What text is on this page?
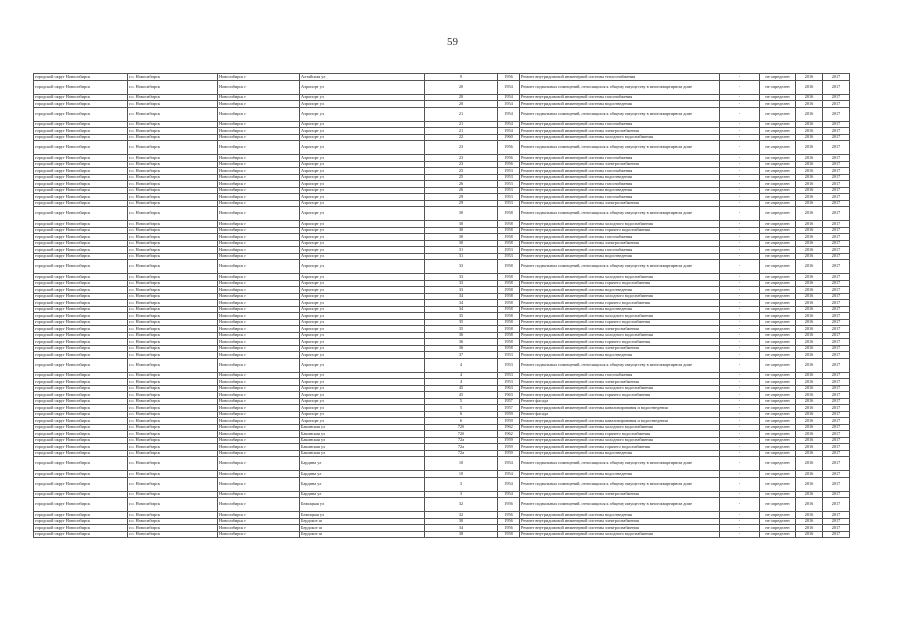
59
городской округ Новосибирск	г.о. Новосибирск	Новосибирск г	Алтайская ул	9	1956	Ремонт внутридомовой инженерной системы теплоснабжения	-	не определен	2016	2017
городской округ Новосибирск	г.о. Новосибирск	Новосибирск г	Аэропорт ул	20	1954	Ремонт подвальных помещений, относящихся к общему имуществу в многоквартирном доме	-	не определен	2016	2017
городской округ Новосибирск	г.о. Новосибирск	Новосибирск г	Аэропорт ул	20	1954	Ремонт внутридомовой инженерной системы газоснабжения	-	не определен	2016	2017
городской округ Новосибирск	г.о. Новосибирск	Новосибирск г	Аэропорт ул	20	1954	Ремонт внутридомовой инженерной системы водоотведения	-	не определен	2016	2017
городской округ Новосибирск	г.о. Новосибирск	Новосибирск г	Аэропорт ул	21	1954	Ремонт подвальных помещений, относящихся к общему имуществу в многоквартирном доме	-	не определен	2016	2017
городской округ Новосибирск	г.о. Новосибирск	Новосибирск г	Аэропорт ул	21	1954	Ремонт внутридомовой инженерной системы газоснабжения	-	не определен	2016	2017
городской округ Новосибирск	г.о. Новосибирск	Новосибирск г	Аэропорт ул	21	1954	Ремонт внутридомовой инженерной системы электроснабжения	-	не определен	2016	2017
городской округ Новосибирск	г.о. Новосибирск	Новосибирск г	Аэропорт ул	22	1960	Ремонт внутридомовой инженерной системы холодного водоснабжения	-	не определен	2016	2017
городской округ Новосибирск	г.о. Новосибирск	Новосибирск г	Аэропорт ул	23	1956	Ремонт подвальных помещений, относящихся к общему имуществу в многоквартирном доме	-	не определен	2016	2017
городской округ Новосибирск	г.о. Новосибирск	Новосибирск г	Аэропорт ул	23	1956	Ремонт внутридомовой инженерной системы газоснабжения	-	не определен	2016	2017
городской округ Новосибирск	г.о. Новосибирск	Новосибирск г	Аэропорт ул	23	1956	Ремонт внутридомовой инженерной системы электроснабжения	-	не определен	2016	2017
городской округ Новосибирск	г.о. Новосибирск	Новосибирск г	Аэропорт ул	25	1953	Ремонт внутридомовой инженерной системы газоснабжения	-	не определен	2016	2017
городской округ Новосибирск	г.о. Новосибирск	Новосибирск г	Аэропорт ул	25	1953	Ремонт внутридомовой инженерной системы водоотведения	-	не определен	2016	2017
городской округ Новосибирск	г.о. Новосибирск	Новосибирск г	Аэропорт ул	26	1953	Ремонт внутридомовой инженерной системы газоснабжения	-	не определен	2016	2017
городской округ Новосибирск	г.о. Новосибирск	Новосибирск г	Аэропорт ул	26	1953	Ремонт внутридомовой инженерной системы водоотведения	-	не определен	2016	2017
городской округ Новосибирск	г.о. Новосибирск	Новосибирск г	Аэропорт ул	29	1953	Ремонт внутридомовой инженерной системы газоснабжения	-	не определен	2016	2017
городской округ Новосибирск	г.о. Новосибирск	Новосибирск г	Аэропорт ул	29	1953	Ремонт внутридомовой инженерной системы электроснабжения	-	не определен	2016	2017
городской округ Новосибирск	г.о. Новосибирск	Новосибирск г	Аэропорт ул	30	1958	Ремонт подвальных помещений, относящихся к общему имуществу в многоквартирном доме	-	не определен	2016	2017
городской округ Новосибирск	г.о. Новосибирск	Новосибирск г	Аэропорт ул	30	1958	Ремонт внутридомовой инженерной системы холодного водоснабжения	-	не определен	2016	2017
городской округ Новосибирск	г.о. Новосибирск	Новосибирск г	Аэропорт ул	30	1958	Ремонт внутридомовой инженерной системы горячего водоснабжения	-	не определен	2016	2017
городской округ Новосибирск	г.о. Новосибирск	Новосибирск г	Аэропорт ул	30	1958	Ремонт внутридомовой инженерной системы газоснабжения	-	не определен	2016	2017
городской округ Новосибирск	г.о. Новосибирск	Новосибирск г	Аэропорт ул	30	1958	Ремонт внутридомовой инженерной системы электроснабжения	-	не определен	2016	2017
городской округ Новосибирск	г.о. Новосибирск	Новосибирск г	Аэропорт ул	31	1953	Ремонт внутридомовой инженерной системы газоснабжения	-	не определен	2016	2017
городской округ Новосибирск	г.о. Новосибирск	Новосибирск г	Аэропорт ул	31	1953	Ремонт внутридомовой инженерной системы водоотведения	-	не определен	2016	2017
городской округ Новосибирск	г.о. Новосибирск	Новосибирск г	Аэропорт ул	33	1958	Ремонт подвальных помещений, относящихся к общему имуществу в многоквартирном доме	-	не определен	2016	2017
городской округ Новосибирск	г.о. Новосибирск	Новосибирск г	Аэропорт ул	33	1958	Ремонт внутридомовой инженерной системы холодного водоснабжения	-	не определен	2016	2017
городской округ Новосибирск	г.о. Новосибирск	Новосибирск г	Аэропорт ул	33	1958	Ремонт внутридомовой инженерной системы горячего водоснабжения	-	не определен	2016	2017
городской округ Новосибирск	г.о. Новосибирск	Новосибирск г	Аэропорт ул	33	1958	Ремонт внутридомовой инженерной системы водоотведения	-	не определен	2016	2017
городской округ Новосибирск	г.о. Новосибирск	Новосибирск г	Аэропорт ул	34	1958	Ремонт внутридомовой инженерной системы холодного водоснабжения	-	не определен	2016	2017
городской округ Новосибирск	г.о. Новосибирск	Новосибирск г	Аэропорт ул	34	1958	Ремонт внутридомовой инженерной системы горячего водоснабжения	-	не определен	2016	2017
городской округ Новосибирск	г.о. Новосибирск	Новосибирск г	Аэропорт ул	34	1958	Ремонт внутридомовой инженерной системы водоотведения	-	не определен	2016	2017
городской округ Новосибирск	г.о. Новосибирск	Новосибирск г	Аэропорт ул	35	1958	Ремонт внутридомовой инженерной системы холодного водоснабжения	-	не определен	2016	2017
городской округ Новосибирск	г.о. Новосибирск	Новосибирск г	Аэропорт ул	35	1958	Ремонт внутридомовой инженерной системы горячего водоснабжения	-	не определен	2016	2017
городской округ Новосибирск	г.о. Новосибирск	Новосибирск г	Аэропорт ул	35	1958	Ремонт внутридомовой инженерной системы электроснабжения	-	не определен	2016	2017
городской округ Новосибирск	г.о. Новосибирск	Новосибирск г	Аэропорт ул	36	1958	Ремонт внутридомовой инженерной системы холодного водоснабжения	-	не определен	2016	2017
городской округ Новосибирск	г.о. Новосибирск	Новосибирск г	Аэропорт ул	36	1958	Ремонт внутридомовой инженерной системы горячего водоснабжения	-	не определен	2016	2017
городской округ Новосибирск	г.о. Новосибирск	Новосибирск г	Аэропорт ул	36	1958	Ремонт внутридомовой инженерной системы электроснабжения	-	не определен	2016	2017
городской округ Новосибирск	г.о. Новосибирск	Новосибирск г	Аэропорт ул	37	1953	Ремонт внутридомовой инженерной системы водоотведения	-	не определен	2016	2017
городской округ Новосибирск	г.о. Новосибирск	Новосибирск г	Аэропорт ул	4	1953	Ремонт подвальных помещений, относящихся к общему имуществу в многоквартирном доме	-	не определен	2016	2017
городской округ Новосибирск	г.о. Новосибирск	Новосибирск г	Аэропорт ул	4	1953	Ремонт внутридомовой инженерной системы газоснабжения	-	не определен	2016	2017
городской округ Новосибирск	г.о. Новосибирск	Новосибирск г	Аэропорт ул	4	1953	Ремонт внутридомовой инженерной системы электроснабжения	-	не определен	2016	2017
городской округ Новосибирск	г.о. Новосибирск	Новосибирск г	Аэропорт ул	45	1963	Ремонт внутридомовой инженерной системы холодного водоснабжения	-	не определен	2016	2017
городской округ Новосибирск	г.о. Новосибирск	Новосибирск г	Аэропорт ул	45	1963	Ремонт внутридомовой инженерной системы горячего водоснабжения	-	не определен	2016	2017
городской округ Новосибирск	г.о. Новосибирск	Новосибирск г	Аэропорт ул	5	1957	Ремонт фасада	-	не определен	2016	2017
городской округ Новосибирск	г.о. Новосибирск	Новосибирск г	Аэропорт ул	5	1957	Ремонт внутридомовой инженерной системы канализирования и водоотведения	-	не определен	2016	2017
городской округ Новосибирск	г.о. Новосибирск	Новосибирск г	Аэропорт ул	6	1959	Ремонт фасада	-	не определен	2016	2017
городской округ Новосибирск	г.о. Новосибирск	Новосибирск г	Аэропорт ул	6	1959	Ремонт внутридомовой инженерной системы канализирования и водоотведения	-	не определен	2016	2017
городской округ Новосибирск	г.о. Новосибирск	Новосибирск г	Бакинская ул	72б	1962	Ремонт внутридомовой инженерной системы холодного водоснабжения	-	не определен	2016	2017
городской округ Новосибирск	г.о. Новосибирск	Новосибирск г	Бакинская ул	72б	1962	Ремонт внутридомовой инженерной системы горячего водоснабжения	-	не определен	2016	2017
городской округ Новосибирск	г.о. Новосибирск	Новосибирск г	Бакинская ул	72а	1959	Ремонт внутридомовой инженерной системы холодного водоснабжения	-	не определен	2016	2017
городской округ Новосибирск	г.о. Новосибирск	Новосибирск г	Бакинская ул	72а	1959	Ремонт внутридомовой инженерной системы горячего водоснабжения	-	не определен	2016	2017
городской округ Новосибирск	г.о. Новосибирск	Новосибирск г	Бакинская ул	72а	1959	Ремонт внутридомовой инженерной системы водоотведения	-	не определен	2016	2017
городской округ Новосибирск	г.о. Новосибирск	Новосибирск г	Бардина ул	10	1954	Ремонт подвальных помещений, относящихся к общему имуществу в многоквартирном доме	-	не определен	2016	2017
городской округ Новосибирск	г.о. Новосибирск	Новосибирск г	Бардина ул	10	1954	Ремонт внутридомовой инженерной системы водоотведения	-	не определен	2016	2017
городской округ Новосибирск	г.о. Новосибирск	Новосибирск г	Бардина ул	3	1954	Ремонт подвальных помещений, относящихся к общему имуществу в многоквартирном доме	-	не определен	2016	2017
городской округ Новосибирск	г.о. Новосибирск	Новосибирск г	Бардина ул	3	1954	Ремонт внутридомовой инженерной системы электроснабжения	-	не определен	2016	2017
городской округ Новосибирск	г.о. Новосибирск	Новосибирск г	Бежицкая ул	32	1956	Ремонт подвальных помещений, относящихся к общему имуществу в многоквартирном доме	-	не определен	2016	2017
городской округ Новосибирск	г.о. Новосибирск	Новосибирск г	Бежицкая ул	32	1956	Ремонт внутридомовой инженерной системы водоотведения	-	не определен	2016	2017
городской округ Новосибирск	г.о. Новосибирск	Новосибирск г	Бердское ш	30	1956	Ремонт внутридомовой инженерной системы электроснабжения	-	не определен	2016	2017
городской округ Новосибирск	г.о. Новосибирск	Новосибирск г	Бердское ш	34	1956	Ремонт внутридомовой инженерной системы электроснабжения	-	не определен	2016	2017
городской округ Новосибирск	г.о. Новосибирск	Новосибирск г	Бердское ш	38	1958	Ремонт внутридомовой инженерной системы холодного водоснабжения	-	не определен	2016	2017
